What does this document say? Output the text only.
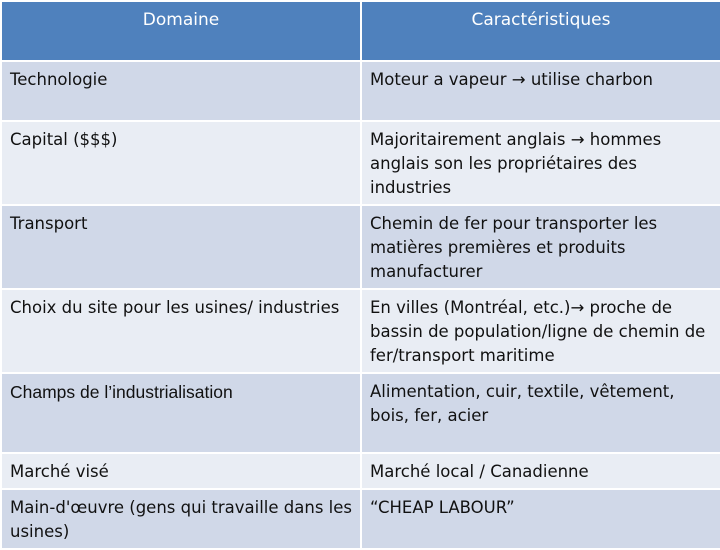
Domaine	Caractéristiques
Technologie	Moteur a vapeur → utilise charbon
Capital ($$$)	Majoritairement anglais → hommes anglais son les propriétaires des industries
Transport	Chemin de fer pour transporter les matières premières et produits manufacturer
Choix du site pour les usines/ industries	En villes (Montréal, etc.)→ proche de bassin de population/ligne de chemin de fer/transport maritime
Champs de l’industrialisation	Alimentation, cuir, textile, vêtement, bois, fer, acier
Marché visé	Marché local / Canadienne
Main-d'œuvre (gens qui travaille dans les usines)	“CHEAP LABOUR”
